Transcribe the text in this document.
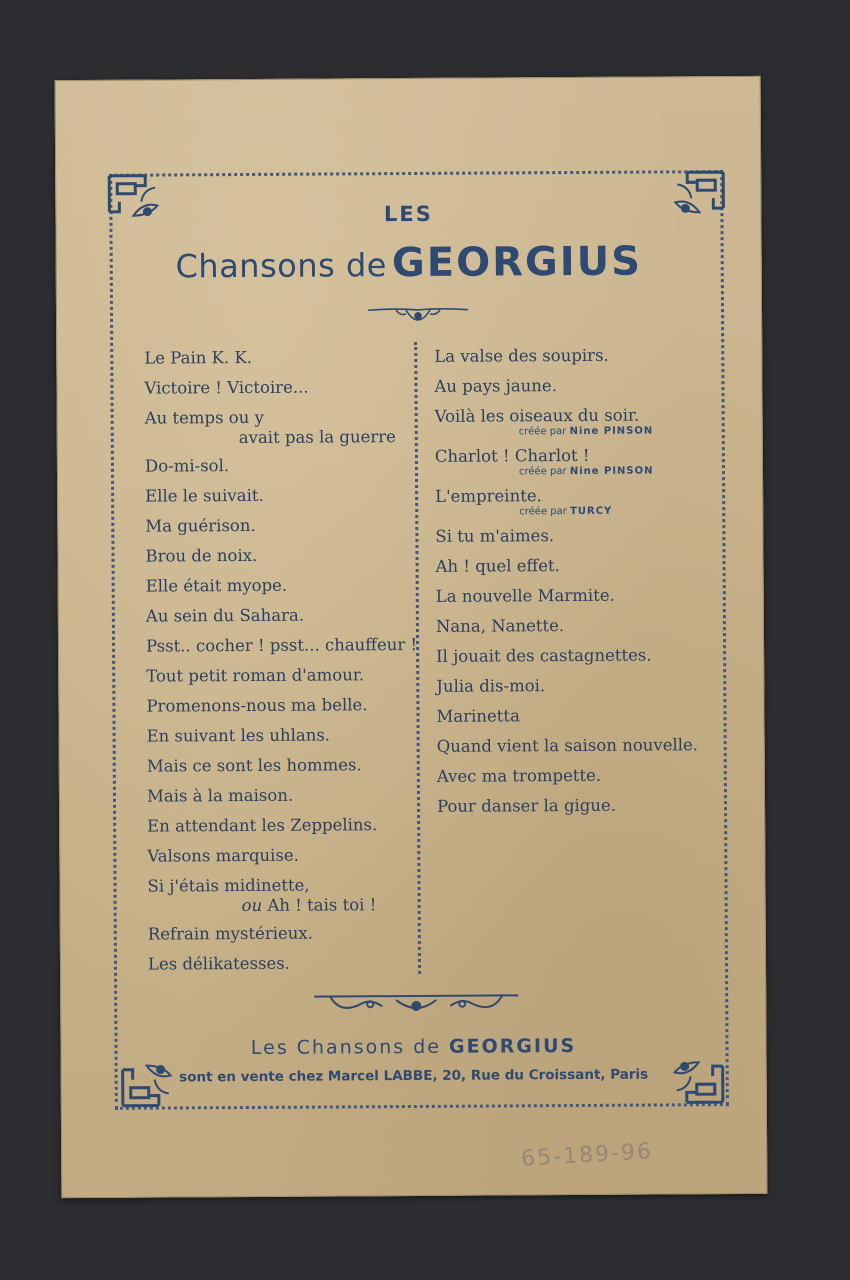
LES
Chansons de GEORGIUS
Le Pain K. K.
Victoire ! Victoire...
Au temps ou y
avait pas la guerre
Do-mi-sol.
Elle le suivait.
Ma guérison.
Brou de noix.
Elle était myope.
Au sein du Sahara.
Psst.. cocher ! psst... chauffeur !
Tout petit roman d'amour.
Promenons-nous ma belle.
En suivant les uhlans.
Mais ce sont les hommes.
Mais à la maison.
En attendant les Zeppelins.
Valsons marquise.
Si j'étais midinette,
ou Ah ! tais toi !
Refrain mystérieux.
Les délikatesses.
La valse des soupirs.
Au pays jaune.
Voilà les oiseaux du soir.
créée par Nine PINSON
Charlot ! Charlot !
créée par Nine PINSON
L'empreinte.
créée par TURCY
Si tu m'aimes.
Ah ! quel effet.
La nouvelle Marmite.
Nana, Nanette.
Il jouait des castagnettes.
Julia dis-moi.
Marinetta
Quand vient la saison nouvelle.
Avec ma trompette.
Pour danser la gigue.
Les Chansons de GEORGIUS
sont en vente chez Marcel LABBE, 20, Rue du Croissant, Paris
65-189-96
